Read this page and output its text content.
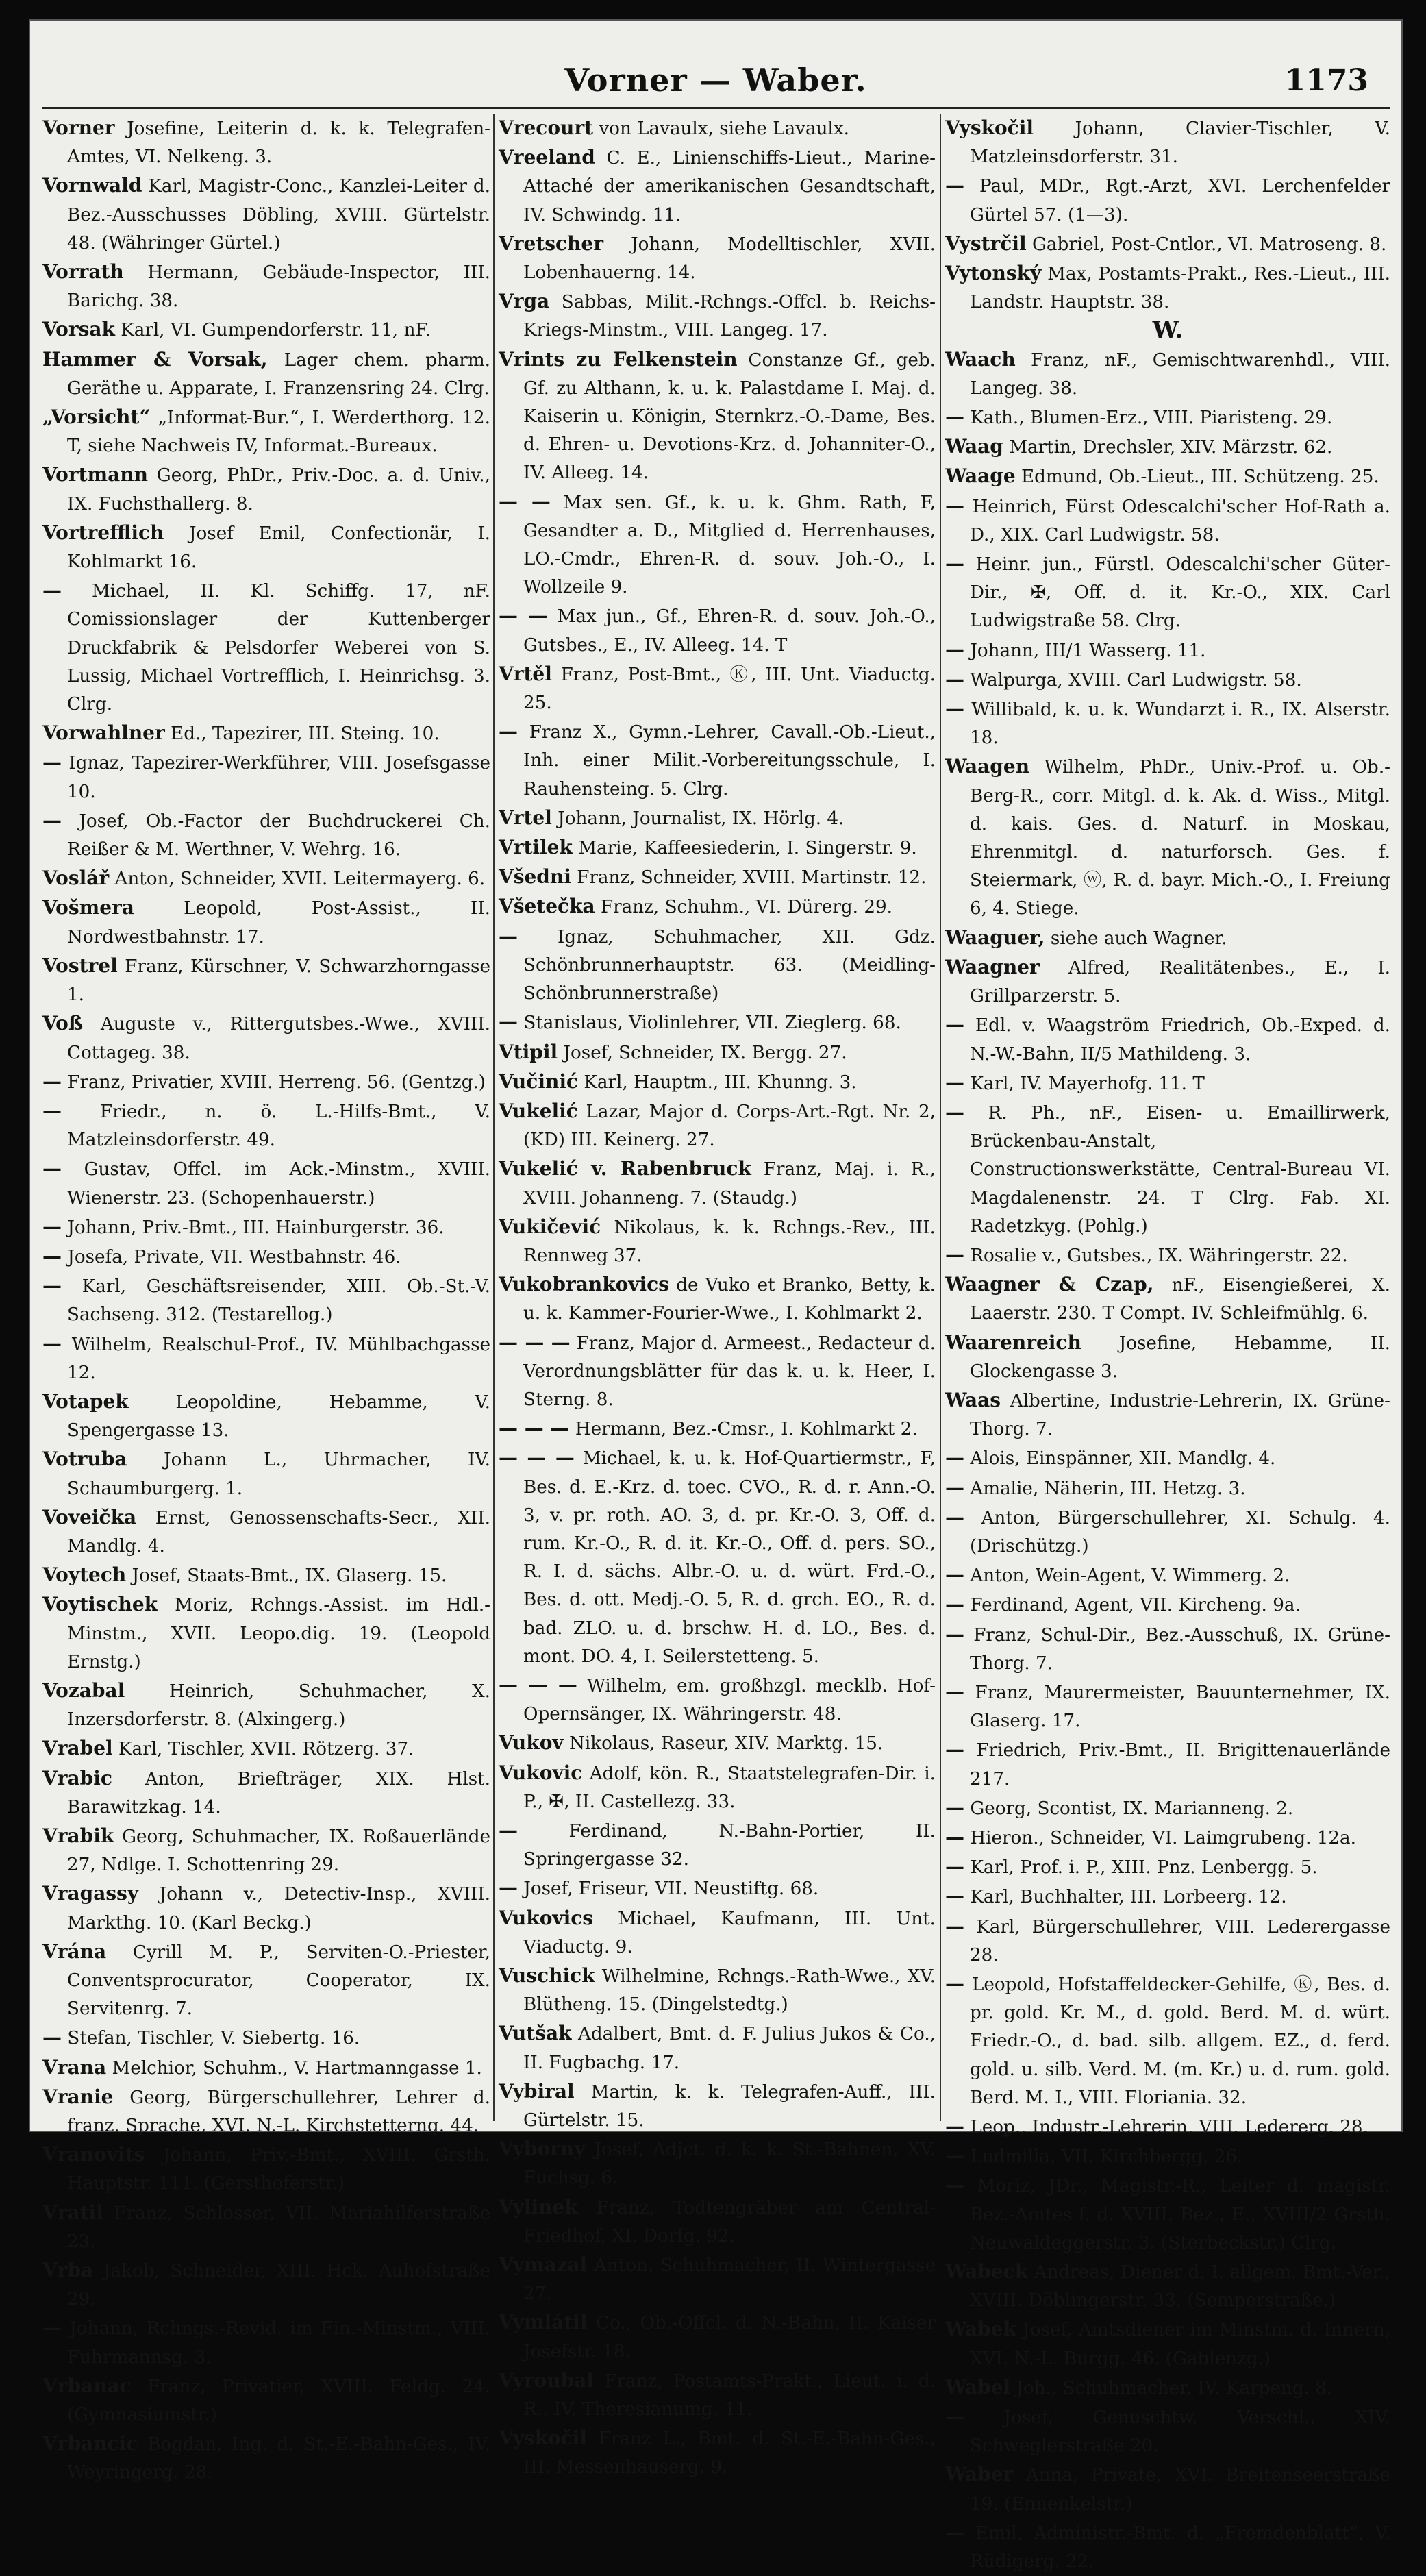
Vorner — Waber.	1173

Vorner Josefine, Leiterin d. k. k. Telegrafen-Amtes, VI. Nelkeng. 3.

Vornwald Karl, Magistr-Conc., Kanzlei-Leiter d. Bez.-Ausschusses Döbling, XVIII. Gürtelstr. 48. (Währinger Gürtel.)

Vorrath Hermann, Gebäude-Inspector, III. Barichg. 38.

Vorsak Karl, VI. Gumpendorferstr. 11, nF.

Hammer & Vorsak, Lager chem. pharm. Geräthe u. Apparate, I. Franzensring 24. Clrg.

„Vorsicht“ „Informat-Bur.“, I. Werderthorg. 12. T, siehe Nachweis IV, Informat.-Bureaux.

Vortmann Georg, PhDr., Priv.-Doc. a. d. Univ., IX. Fuchsthallerg. 8.

Vortrefflich Josef Emil, Confectionär, I. Kohlmarkt 16.

— Michael, II. Kl. Schiffg. 17, nF. Comissionslager der Kuttenberger Druckfabrik & Pelsdorfer Weberei von S. Lussig, Michael Vortrefflich, I. Heinrichsg. 3. Clrg.

Vorwahlner Ed., Tapezirer, III. Steing. 10.

— Ignaz, Tapezirer-Werkführer, VIII. Josefsgasse 10.

— Josef, Ob.-Factor der Buchdruckerei Ch. Reißer & M. Werthner, V. Wehrg. 16.

Voslář Anton, Schneider, XVII. Leitermayerg. 6.

Vošmera	Leopold, Post-Assist., II. Nordwestbahnstr. 17.

Vostrel Franz, Kürschner, V. Schwarzhorngasse 1.

Voß Auguste v., Rittergutsbes.-Wwe., XVIII. Cottageg. 38.

— Franz, Privatier, XVIII. Herreng. 56. (Gentzg.)

— Friedr., n. ö. L.-Hilfs-Bmt., V. Matzleinsdorferstr. 49.

— Gustav, Offcl. im Ack.-Minstm., XVIII. Wienerstr. 23. (Schopenhauerstr.)

— Johann, Priv.-Bmt., III. Hainburgerstr. 36.

— Josefa, Private, VII. Westbahnstr. 46.

— Karl, Geschäftsreisender, XIII. Ob.-St.-V. Sachseng. 312. (Testarellog.)

— Wilhelm, Realschul-Prof., IV. Mühlbachgasse 12.

Votapek	Leopoldine, Hebamme, V. Spengergasse 13.

Votruba Johann L., Uhrmacher, IV. Schaumburgerg. 1.

Voveička Ernst, Genossenschafts-Secr., XII. Mandlg. 4.

Voytech Josef, Staats-Bmt., IX. Glaserg. 15.

Voytischek Moriz, Rchngs.-Assist. im Hdl.-Minstm., XVII. Leopo.dig. 19. (Leopold Ernstg.)

Vozabal Heinrich, Schuhmacher, X. Inzersdorferstr. 8. (Alxingerg.)

Vrabel Karl, Tischler, XVII. Rötzerg. 37.

Vrabic Anton, Briefträger, XIX. Hlst. Barawitzkag. 14.

Vrabik Georg, Schuhmacher, IX. Roßauerlände 27, Ndlge. I. Schottenring 29.

Vragassy Johann v., Detectiv-Insp., XVIII. Markthg. 10. (Karl Beckg.)

Vrána Cyrill M. P., Serviten-O.-Priester, Conventsprocurator, Cooperator, IX. Servitenrg. 7.

— Stefan, Tischler, V. Siebertg. 16.

Vrana Melchior, Schuhm., V. Hartmanngasse 1.

Vranie Georg, Bürgerschullehrer, Lehrer d. franz. Sprache, XVI. N.-L. Kirchstetterng. 44.

Vranovits Johann, Priv.-Bmt., XVIII. Grsth. Hauptstr. 111. (Gersthoferstr.)

Vratil Franz, Schlosser, VII. Mariahilferstraße 23.

Vrba Jakob, Schneider, XIII. Hck. Auhofstraße 29.

— Johann, Rchngs.-Revid. im Fin.-Minstm., VIII. Fuhrmannsg. 3.

Vrbanac Franz, Privatier, XVIII. Feldg. 24. (Gymnasiumstr.)

Vrbancic Bogdan, Ing. d. St.-E.-Bahn-Ges., IV. Weyringerg. 28.

Vrecourt von Lavaulx, siehe Lavaulx.

Vreeland C. E., Linienschiffs-Lieut., Marine-Attaché der amerikanischen Gesandtschaft, IV. Schwindg. 11.

Vretscher Johann, Modelltischler, XVII. Lobenhauerng. 14.

Vrga Sabbas, Milit.-Rchngs.-Offcl. b. Reichs-Kriegs-Minstm., VIII. Langeg. 17.

Vrints zu Felkenstein Constanze Gf., geb. Gf. zu Althann, k. u. k. Palastdame I. Maj. d. Kaiserin u. Königin, Sternkrz.-O.-Dame, Bes. d. Ehren- u. Devotions-Krz. d. Johanniter-O., IV. Alleeg. 14.

— — Max sen. Gf., k. u. k. Ghm. Rath, F, Gesandter a. D., Mitglied d. Herrenhauses, LO.-Cmdr., Ehren-R. d. souv. Joh.-O., I. Wollzeile 9.

— — Max jun., Gf., Ehren-R. d. souv. Joh.-O., Gutsbes., E., IV. Alleeg. 14. T

Vrtěl Franz, Post-Bmt., Ⓚ, III. Unt. Viaductg. 25.

— Franz X., Gymn.-Lehrer, Cavall.-Ob.-Lieut., Inh. einer Milit.-Vorbereitungsschule, I. Rauhensteing. 5. Clrg.

Vrtel Johann, Journalist, IX. Hörlg. 4.

Vrtilek Marie, Kaffeesiederin, I. Singerstr. 9.

Všedni Franz, Schneider, XVIII. Martinstr. 12.

Všetečka Franz, Schuhm., VI. Dürerg. 29.

— Ignaz, Schuhmacher, XII. Gdz. Schönbrunnerhauptstr. 63. (Meidling-Schönbrunnerstraße)

— Stanislaus, Violinlehrer, VII. Zieglerg. 68.

Vtipil Josef, Schneider, IX. Bergg. 27.

Vučinić Karl, Hauptm., III. Khunng. 3.

Vukelić Lazar, Major d. Corps-Art.-Rgt. Nr. 2, (KD) III. Keinerg. 27.

Vukelić v. Rabenbruck Franz, Maj. i. R., XVIII. Johanneng. 7. (Staudg.)

Vukičević Nikolaus, k. k. Rchngs.-Rev., III. Rennweg 37.

Vukobrankovics de Vuko et Branko, Betty, k. u. k. Kammer-Fourier-Wwe., I. Kohlmarkt 2.

— — — Franz, Major d. Armeest., Redacteur d. Verordnungsblätter für das k. u. k. Heer, I. Sterng. 8.

— — — Hermann, Bez.-Cmsr., I. Kohlmarkt 2.

— — — Michael, k. u. k. Hof-Quartiermstr., F, Bes. d. E.-Krz. d. toec. CVO., R. d. r. Ann.-O. 3, v. pr. roth. AO. 3, d. pr. Kr.-O. 3, Off. d. rum. Kr.-O., R. d. it. Kr.-O., Off. d. pers. SO., R. I. d. sächs. Albr.-O. u. d. würt. Frd.-O., Bes. d. ott. Medj.-O. 5, R. d. grch. EO., R. d. bad. ZLO. u. d. brschw. H. d. LO., Bes. d. mont. DO. 4, I. Seilerstetteng. 5.

— — — Wilhelm, em. großhzgl. mecklb. Hof-Opernsänger, IX. Währingerstr. 48.

Vukov Nikolaus, Raseur, XIV. Marktg. 15.

Vukovic Adolf, kön. R., Staatstelegrafen-Dir. i. P., ✠, II. Castellezg. 33.

—	Ferdinand, N.-Bahn-Portier, II. Springergasse 32.

— Josef, Friseur, VII. Neustiftg. 68.

Vukovics Michael, Kaufmann, III. Unt. Viaductg. 9.

Vuschick Wilhelmine, Rchngs.-Rath-Wwe., XV. Blütheng. 15. (Dingelstedtg.)

Vutšak Adalbert, Bmt. d. F. Julius Jukos & Co., II. Fugbachg. 17.

Vybiral Martin, k. k. Telegrafen-Auff., III. Gürtelstr. 15.

Vyborny Josef, Adjct. d. k. k. St.-Bahnen, XV. Fuchsg. 6.

Vylinek Franz, Todtengräber am Central-Friedhof, XI. Dorfg. 92.

Vymazal Anton, Schuhmacher, II. Wintergasse 27.

Vymlátil Co., Ob.-Offcl. d. N.-Bahn, II. Kaiser Josefstr. 18.

Vyroubal Franz, Postamts-Prakt., Lieut. i. d. R., IV. Theresianumg. 11.

Vyskočil Franz L., Bmt. d. St.-E.-Bahn-Ges., III. Messenhauserg. 9.

Vyskočil Johann, Clavier-Tischler, V. Matzleinsdorferstr. 31.

— Paul, MDr., Rgt.-Arzt, XVI. Lerchenfelder Gürtel 57. (1—3).

Vystrčil Gabriel, Post-Cntlor., VI. Matroseng. 8.

Vytonský Max, Postamts-Prakt., Res.-Lieut., III. Landstr. Hauptstr. 38.

W.

Waach Franz, nF., Gemischtwarenhdl., VIII. Langeg. 38.

— Kath., Blumen-Erz., VIII. Piaristeng. 29.

Waag Martin, Drechsler, XIV. Märzstr. 62.

Waage Edmund, Ob.-Lieut., III. Schützeng. 25.

— Heinrich, Fürst Odescalchi'scher Hof-Rath a. D., XIX. Carl Ludwigstr. 58.

— Heinr. jun., Fürstl. Odescalchi'scher Güter-Dir., ✠, Off. d. it. Kr.-O., XIX. Carl Ludwigstraße 58. Clrg.

— Johann, III/1 Wasserg. 11.

— Walpurga, XVIII. Carl Ludwigstr. 58.

— Willibald, k. u. k. Wundarzt i. R., IX. Alserstr. 18.

Waagen Wilhelm, PhDr., Univ.-Prof. u. Ob.-Berg-R., corr. Mitgl. d. k. Ak. d. Wiss., Mitgl. d. kais. Ges. d. Naturf. in Moskau, Ehrenmitgl. d. naturforsch. Ges. f. Steiermark, ⓦ, R. d. bayr. Mich.-O., I. Freiung 6, 4. Stiege.

Waaguer, siehe auch Wagner.

Waagner Alfred, Realitätenbes., E., I. Grillparzerstr. 5.

— Edl. v. Waagström Friedrich, Ob.-Exped. d. N.-W.-Bahn, II/5 Mathildeng. 3.

— Karl, IV. Mayerhofg. 11. T

— R. Ph., nF., Eisen- u. Emaillirwerk, Brückenbau-Anstalt, Constructionswerkstätte, Central-Bureau VI. Magdalenenstr. 24. T Clrg. Fab. XI. Radetzkyg. (Pohlg.)

— Rosalie v., Gutsbes., IX. Währingerstr. 22.

Waagner & Czap, nF., Eisengießerei, X. Laaerstr. 230. T Compt. IV. Schleifmühlg. 6.

Waarenreich Josefine, Hebamme, II. Glockengasse 3.

Waas Albertine, Industrie-Lehrerin, IX. Grüne-Thorg. 7.

— Alois, Einspänner, XII. Mandlg. 4.

— Amalie, Näherin, III. Hetzg. 3.

— Anton, Bürgerschullehrer, XI. Schulg. 4. (Drischützg.)

— Anton, Wein-Agent, V. Wimmerg. 2.

— Ferdinand, Agent, VII. Kircheng. 9a.

— Franz, Schul-Dir., Bez.-Ausschuß, IX. Grüne-Thorg. 7.

— Franz, Maurermeister, Bauunternehmer, IX. Glaserg. 17.

— Friedrich, Priv.-Bmt., II. Brigittenauerlände 217.

— Georg, Scontist, IX. Marianneng. 2.

— Hieron., Schneider, VI. Laimgrubeng. 12a.

— Karl, Prof. i. P., XIII. Pnz. Lenbergg. 5.

— Karl, Buchhalter, III. Lorbeerg. 12.

— Karl, Bürgerschullehrer, VIII. Lederergasse 28.

— Leopold, Hofstaffeldecker-Gehilfe, Ⓚ, Bes. d. pr. gold. Kr. M., d. gold. Berd. M. d. würt. Friedr.-O., d. bad. silb. allgem. EZ., d. ferd. gold. u. silb. Verd. M. (m. Kr.) u. d. rum. gold. Berd. M. I., VIII. Floriania. 32.

— Leop., Industr.-Lehrerin, VIII. Ledererg. 28.

— Ludmilla, VII. Kirchbergg. 26.

— Moriz, JDr., Magistr.-R., Leiter d. magistr. Bez.-Amtes f. d. XVIII. Bez., E., XVIII/2 Grsth. Neuwaldeggerstr. 3. (Sterbeckstr.) Clrg.

Wabeck Andreas, Diener d. I. allgem. Bmt.-Ver., XVIII. Döblingerstr. 33. (Semperstraße.)

Wabek Josef, Amtsdiener im Minstm. d. Innern, XVI. N.-L. Burgg. 46. (Gablenzg.)

Wabel Joh., Schuhmacher, IV. Karpeng. 8.

— Josef, Genuschtw. Verschl., XIV. Schweglerstraße 20.

Waber Anna, Private, XVI. Breitenseerstraße 19. (Ennenkelstr.)

— Emil, Administr.-Bmt. d. „Fremdenblatt“, V. Rüdigerg. 22.
